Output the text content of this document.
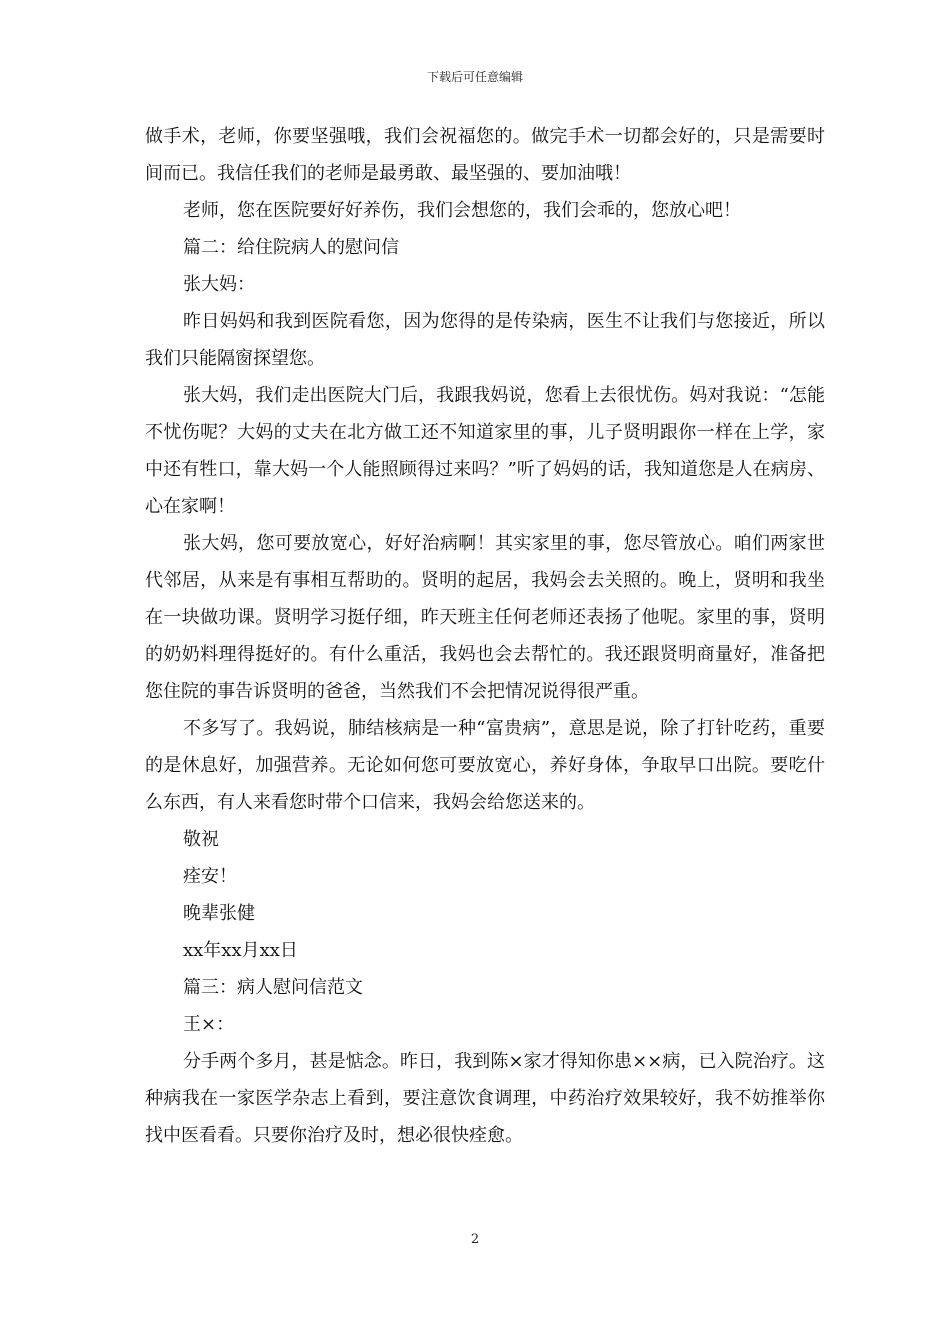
下载后可任意编辑

做手术，老师，你要坚强哦，我们会祝福您的。做完手术一切都会好的，只是需要时间而已。我信任我们的老师是最勇敢、最坚强的、要加油哦！

老师，您在医院要好好养伤，我们会想您的，我们会乖的，您放心吧！

篇二：给住院病人的慰问信

张大妈：

昨日妈妈和我到医院看您，因为您得的是传染病，医生不让我们与您接近，所以我们只能隔窗探望您。

张大妈，我们走出医院大门后，我跟我妈说，您看上去很忧伤。妈对我说：“怎能不忧伤呢？大妈的丈夫在北方做工还不知道家里的事，儿子贤明跟你一样在上学，家中还有牲口，靠大妈一个人能照顾得过来吗？”听了妈妈的话，我知道您是人在病房、心在家啊！

张大妈，您可要放宽心，好好治病啊！其实家里的事，您尽管放心。咱们两家世代邻居，从来是有事相互帮助的。贤明的起居，我妈会去关照的。晚上，贤明和我坐在一块做功课。贤明学习挺仔细，昨天班主任何老师还表扬了他呢。家里的事，贤明的奶奶料理得挺好的。有什么重活，我妈也会去帮忙的。我还跟贤明商量好，准备把您住院的事告诉贤明的爸爸，当然我们不会把情况说得很严重。

不多写了。我妈说，肺结核病是一种“富贵病”，意思是说，除了打针吃药，重要的是休息好，加强营养。无论如何您可要放宽心，养好身体，争取早口出院。要吃什么东西，有人来看您时带个口信来，我妈会给您送来的。

敬祝

痊安！

晚辈张健

xx年xx月xx日

篇三：病人慰问信范文

王×：

分手两个多月，甚是惦念。昨日，我到陈×家才得知你患××病，已入院治疗。这种病我在一家医学杂志上看到，要注意饮食调理，中药治疗效果较好，我不妨推举你找中医看看。只要你治疗及时，想必很快痊愈。

2
